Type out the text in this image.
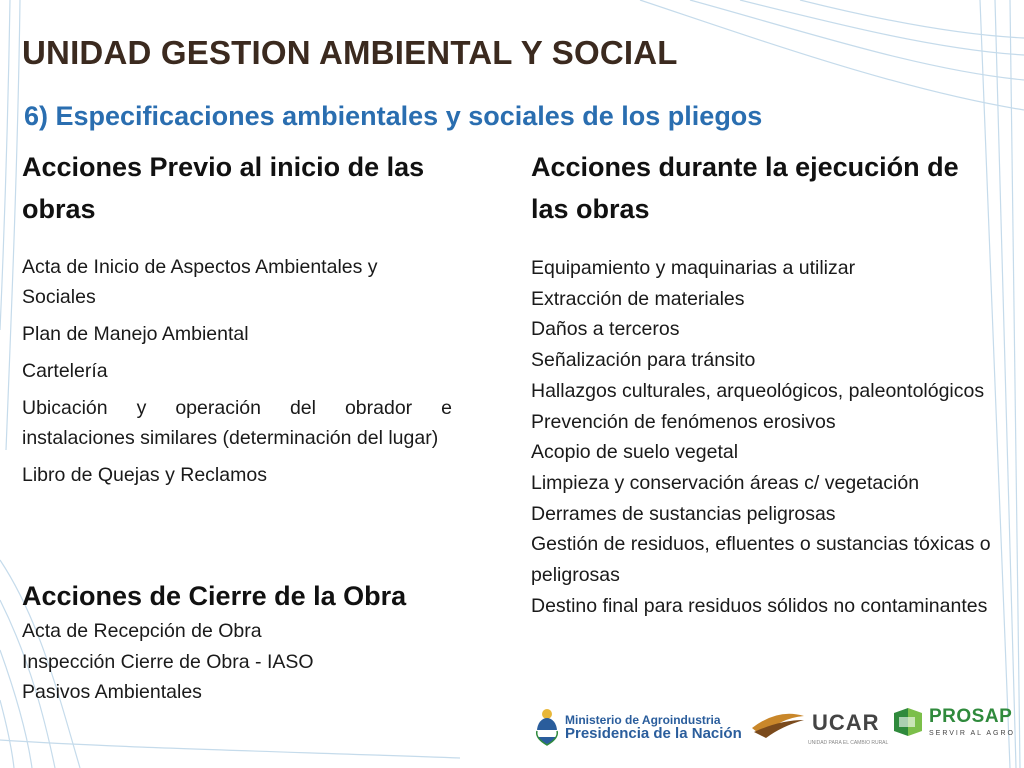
UNIDAD GESTION AMBIENTAL Y SOCIAL
6) Especificaciones ambientales y sociales de los pliegos
Acciones Previo al inicio de las obras
Acta de Inicio de Aspectos Ambientales y Sociales
Plan de Manejo Ambiental
Cartelería
Ubicación y operación del obrador e instalaciones similares (determinación del lugar)
Libro de Quejas y Reclamos
Acciones de Cierre de la Obra
Acta de Recepción de Obra
Inspección Cierre de Obra - IASO
Pasivos Ambientales
Acciones durante la ejecución de las obras
Equipamiento y maquinarias a utilizar
Extracción de materiales
Daños a terceros
Señalización para tránsito
Hallazgos culturales, arqueológicos, paleontológicos
Prevención de fenómenos erosivos
Acopio de suelo vegetal
Limpieza y conservación áreas c/ vegetación
Derrames de sustancias peligrosas
Gestión de residuos, efluentes o sustancias tóxicas o peligrosas
Destino final para residuos sólidos no contaminantes
Ministerio de Agroindustria
Presidencia de la Nación	UCAR
UNIDAD PARA EL CAMBIO RURAL
PROSAP
SERVIR AL AGRO
